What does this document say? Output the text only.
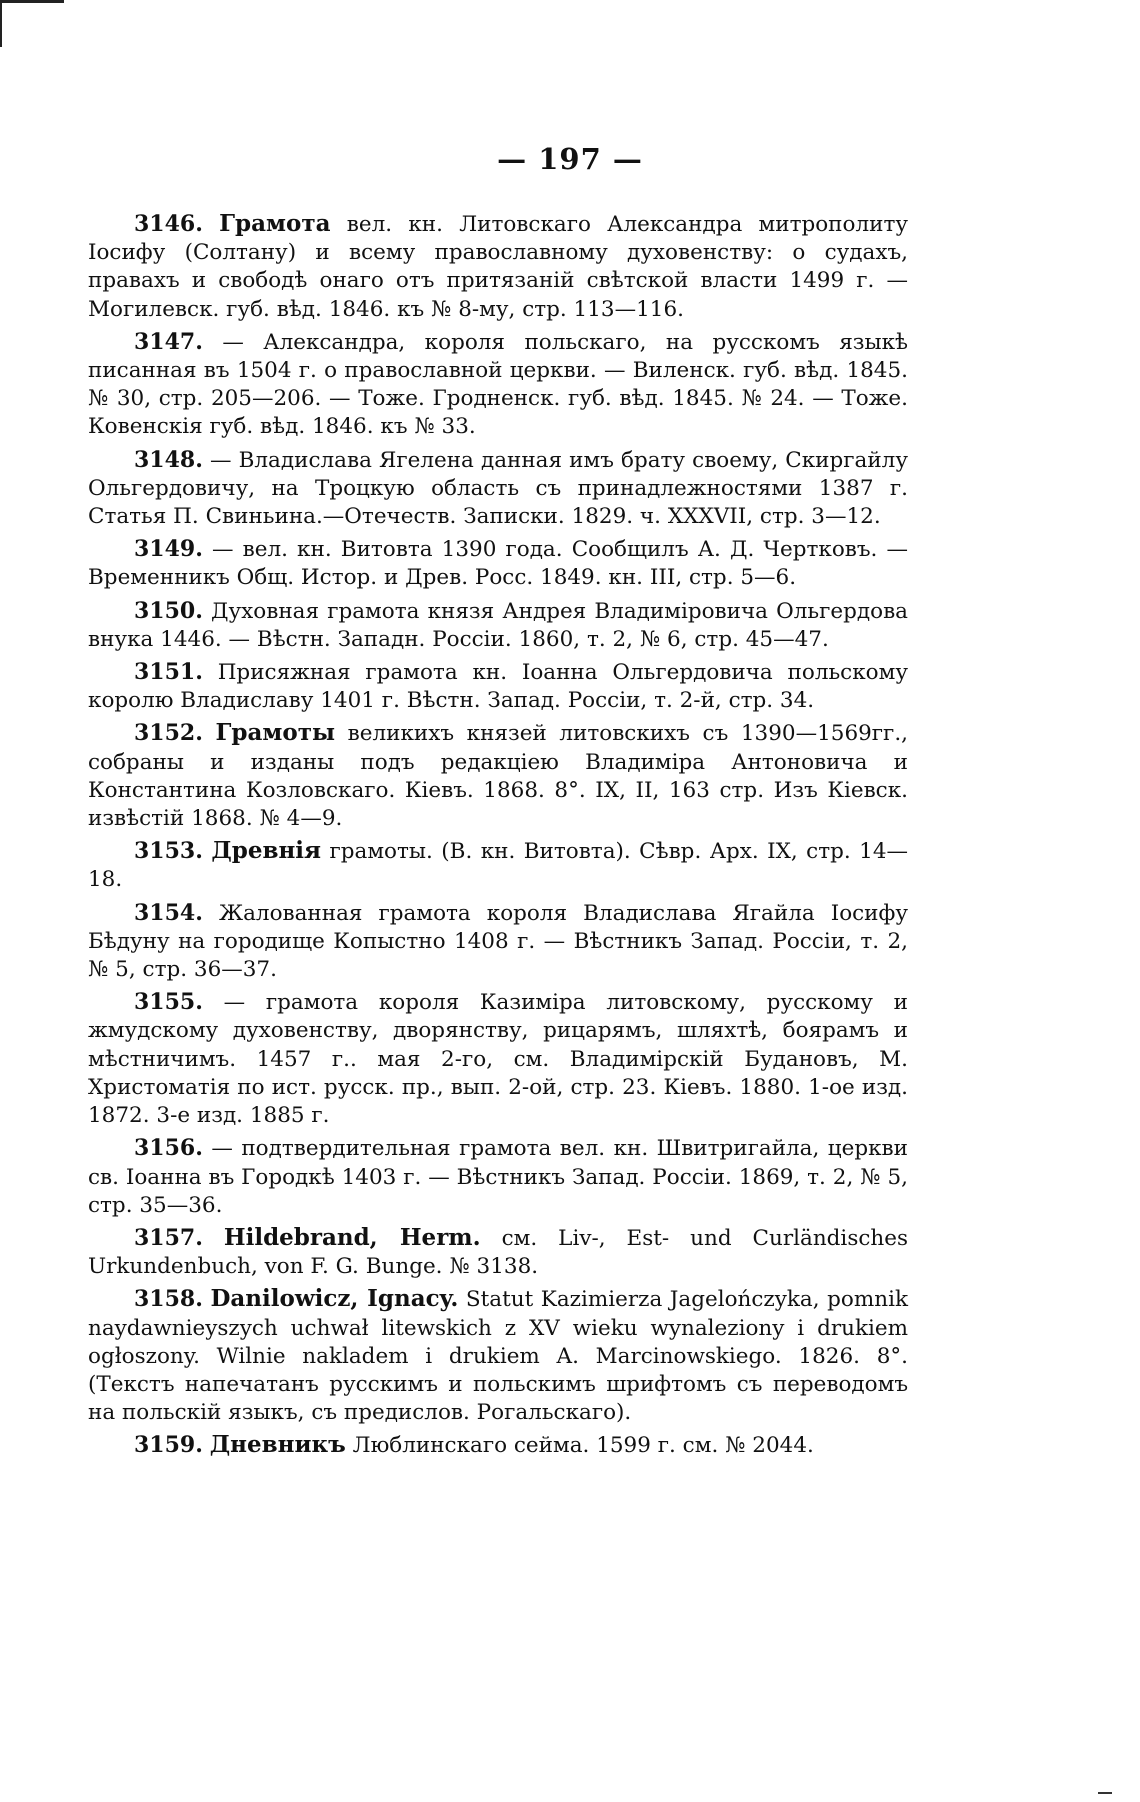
— 197 —

3146. Грамота вел. кн. Литовскаго Александра митрополиту Іосифу (Солтану) и всему православному духовенству: о судахъ, правахъ и свободѣ онаго отъ притязаній свѣтской власти 1499 г. — Могилевск. губ. вѣд. 1846. къ № 8-му, стр. 113—116.

3147. — Александра, короля польскаго, на русскомъ языкѣ писанная въ 1504 г. о православной церкви. — Виленск. губ. вѣд. 1845. № 30, стр. 205—206. — Тоже. Гродненск. губ. вѣд. 1845. № 24. — Тоже. Ковенскія губ. вѣд. 1846. къ № 33.

3148. — Владислава Ягелена данная имъ брату своему, Скиргайлу Ольгердовичу, на Троцкую область съ принадлежностями 1387 г. Статья П. Свиньина.—Отечеств. Записки. 1829. ч. XXXVII, стр. 3—12.

3149. — вел. кн. Витовта 1390 года. Сообщилъ А. Д. Чертковъ. — Временникъ Общ. Истор. и Древ. Росс. 1849. кн. III, стр. 5—6.

3150. Духовная грамота князя Андрея Владиміровича Ольгердова внука 1446. — Вѣстн. Западн. Россіи. 1860, т. 2, № 6, стр. 45—47.

3151. Присяжная грамота кн. Іоанна Ольгердовича польскому королю Владиславу 1401 г. Вѣстн. Запад. Россіи, т. 2-й, стр. 34.

3152. Грамоты великихъ князей литовскихъ съ 1390—1569гг., собраны и изданы подъ редакціею Владиміра Антоновича и Константина Козловскаго. Кіевъ. 1868. 8°. IX, II, 163 стр. Изъ Кіевск. извѣстій 1868. № 4—9.

3153. Древнія грамоты. (В. кн. Витовта). Сѣвр. Арх. IX, стр. 14—18.

3154. Жалованная грамота короля Владислава Ягайла Іосифу Бѣдуну на городище Копыстно 1408 г. — Вѣстникъ Запад. Россіи, т. 2, № 5, стр. 36—37.

3155. — грамота короля Казиміра литовскому, русскому и жмудскому духовенству, дворянству, рицарямъ, шляхтѣ, боярамъ и мѣстничимъ. 1457 г.. мая 2-го, см. Владимірскій Будановъ, М. Христоматія по ист. русск. пр., вып. 2-ой, стр. 23. Кіевъ. 1880. 1-ое изд. 1872. 3-е изд. 1885 г.

3156. — подтвердительная грамота вел. кн. Швитригайла, церкви св. Іоанна въ Городкѣ 1403 г. — Вѣстникъ Запад. Россіи. 1869, т. 2, № 5, стр. 35—36.

3157. Hildebrand, Herm. см. Liv-, Est- und Curländisches Urkundenbuch, von F. G. Bunge. № 3138.

3158. Danilowicz, Ignacy. Statut Kazimierza Jagelończyka, pomnik naydawnieyszych uchwał litewskich z XV wieku wynaleziony i drukiem ogłoszony. Wilnie nakladem i drukiem A. Marcinowskiego. 1826. 8°. (Текстъ напечатанъ русскимъ и польскимъ шрифтомъ съ переводомъ на польскій языкъ, съ предислов. Рогальскаго).

3159. Дневникъ Люблинскаго сейма. 1599 г. см. № 2044.
